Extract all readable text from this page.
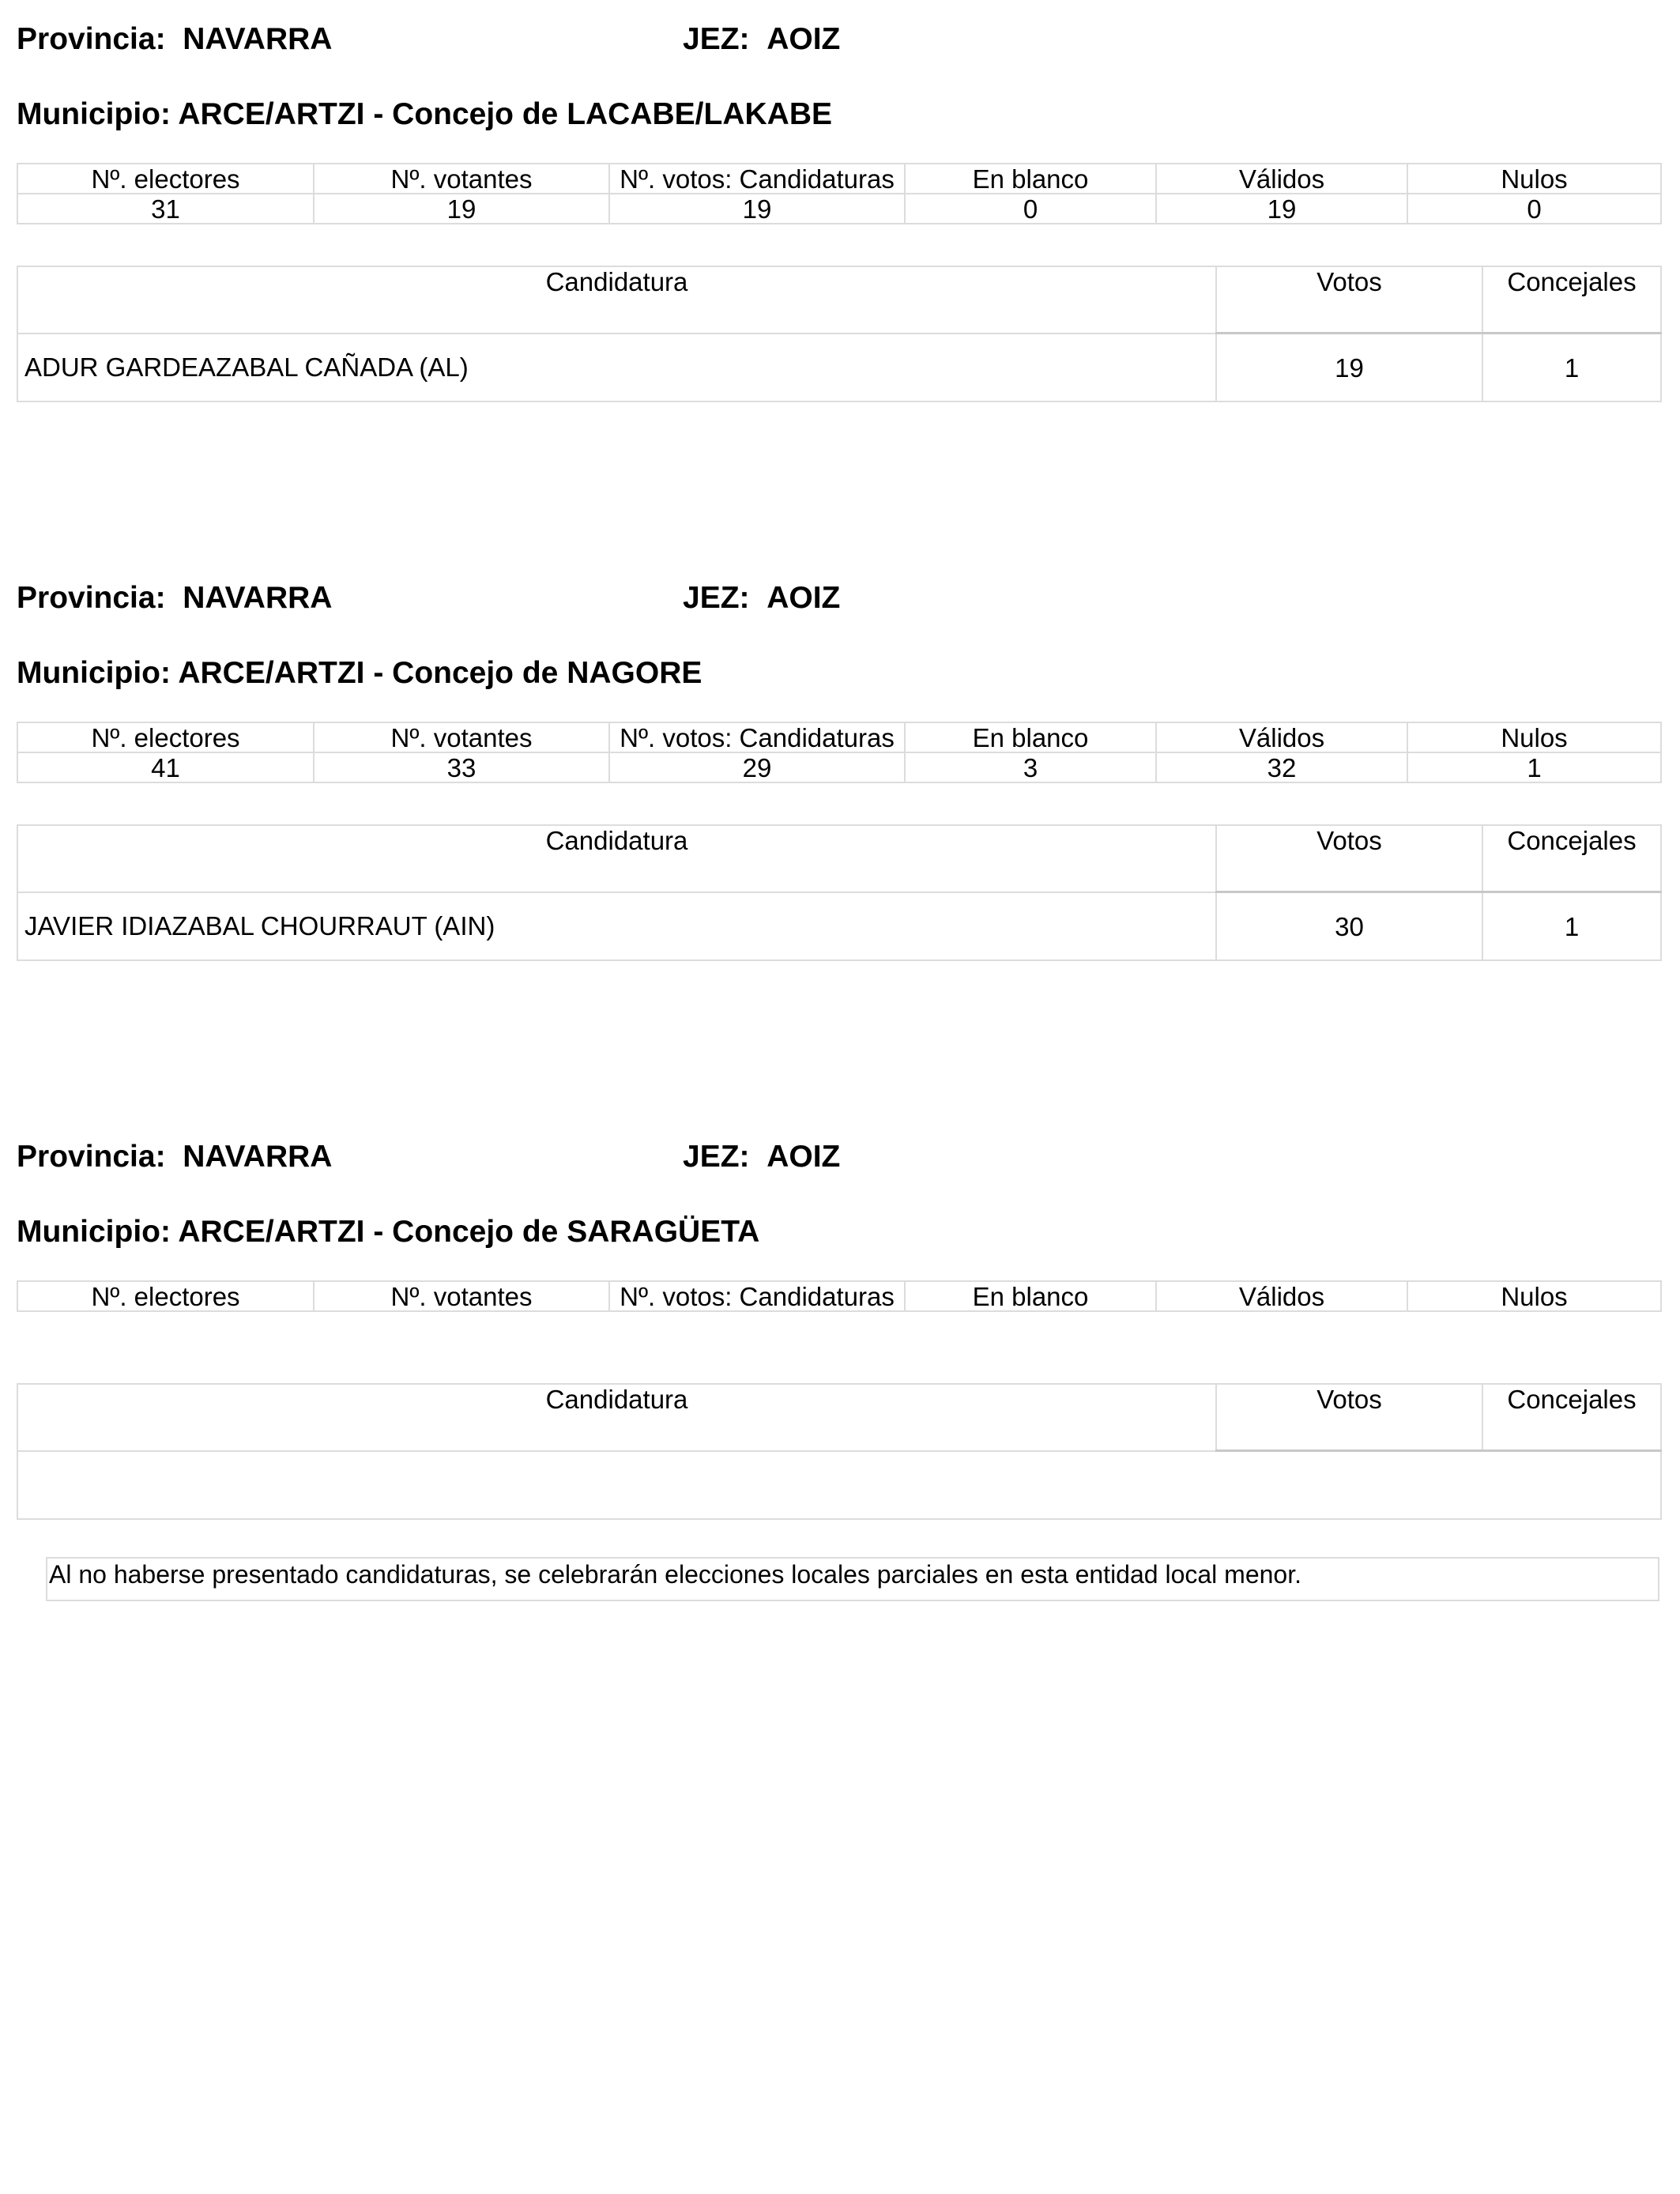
Provincia: NAVARRA	JEZ: AOIZ
Municipio: ARCE/ARTZI - Concejo de LACABE/LAKABE
Nº. electores	Nº. votantes	Nº. votos: Candidaturas	En blanco	Válidos	Nulos
31	19	19	0	19	0
Candidatura	Votos	Concejales
ADUR GARDEAZABAL CAÑADA (AL)	19	1
Provincia: NAVARRA	JEZ: AOIZ
Municipio: ARCE/ARTZI - Concejo de NAGORE
Nº. electores	Nº. votantes	Nº. votos: Candidaturas	En blanco	Válidos	Nulos
41	33	29	3	32	1
Candidatura	Votos	Concejales
JAVIER IDIAZABAL CHOURRAUT (AIN)	30	1
Provincia: NAVARRA	JEZ: AOIZ
Municipio: ARCE/ARTZI - Concejo de SARAGÜETA
Nº. electores	Nº. votantes	Nº. votos: Candidaturas	En blanco	Válidos	Nulos
Candidatura	Votos	Concejales

Al no haberse presentado candidaturas, se celebrarán elecciones locales parciales en esta entidad local menor.
